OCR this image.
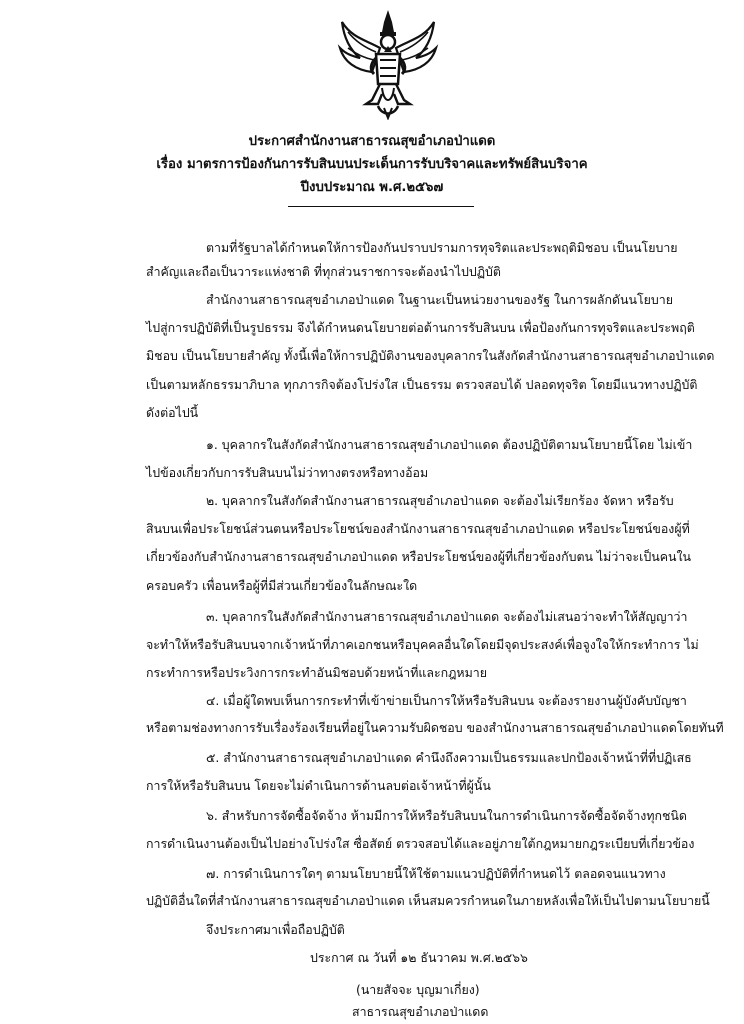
ประกาศสำนักงานสาธารณสุขอำเภอป่าแดด
เรื่อง มาตรการป้องกันการรับสินบนประเด็นการรับบริจาคและทรัพย์สินบริจาค
ปีงบประมาณ พ.ศ.๒๕๖๗

ตามที่รัฐบาลได้กำหนดให้การป้องกันปราบปรามการทุจริตและประพฤติมิชอบ เป็นนโยบาย

สำคัญและถือเป็นวาระแห่งชาติ ที่ทุกส่วนราชการจะต้องนำไปปฏิบัติ

สำนักงานสาธารณสุขอำเภอป่าแดด ในฐานะเป็นหน่วยงานของรัฐ ในการผลักดันนโยบาย

ไปสู่การปฏิบัติที่เป็นรูปธรรม จึงได้กำหนดนโยบายต่อต้านการรับสินบน เพื่อป้องกันการทุจริตและประพฤติ

มิชอบ เป็นนโยบายสำคัญ ทั้งนี้เพื่อให้การปฏิบัติงานของบุคลากรในสังกัดสำนักงานสาธารณสุขอำเภอป่าแดด

เป็นตามหลักธรรมาภิบาล ทุกภารกิจต้องโปร่งใส เป็นธรรม ตรวจสอบได้ ปลอดทุจริต โดยมีแนวทางปฏิบัติ

ดังต่อไปนี้

๑. บุคลากรในสังกัดสำนักงานสาธารณสุขอำเภอป่าแดด ต้องปฏิบัติตามนโยบายนี้โดย ไม่เข้า

ไปข้องเกี่ยวกับการรับสินบนไม่ว่าทางตรงหรือทางอ้อม

๒. บุคลากรในสังกัดสำนักงานสาธารณสุขอำเภอป่าแดด จะต้องไม่เรียกร้อง จัดหา หรือรับ

สินบนเพื่อประโยชน์ส่วนตนหรือประโยชน์ของสำนักงานสาธารณสุขอำเภอป่าแดด หรือประโยชน์ของผู้ที่

เกี่ยวข้องกับสำนักงานสาธารณสุขอำเภอป่าแดด หรือประโยชน์ของผู้ที่เกี่ยวข้องกับตน ไม่ว่าจะเป็นคนใน

ครอบครัว เพื่อนหรือผู้ที่มีส่วนเกี่ยวข้องในลักษณะใด

๓. บุคลากรในสังกัดสำนักงานสาธารณสุขอำเภอป่าแดด จะต้องไม่เสนอว่าจะทำให้สัญญาว่า

จะทำให้หรือรับสินบนจากเจ้าหน้าที่ภาคเอกชนหรือบุคคลอื่นใดโดยมีจุดประสงค์เพื่อจูงใจให้กระทำการ ไม่

กระทำการหรือประวิงการกระทำอันมิชอบด้วยหน้าที่และกฎหมาย

๔. เมื่อผู้ใดพบเห็นการกระทำที่เข้าข่ายเป็นการให้หรือรับสินบน จะต้องรายงานผู้บังคับบัญชา

หรือตามช่องทางการรับเรื่องร้องเรียนที่อยู่ในความรับผิดชอบ ของสำนักงานสาธารณสุขอำเภอป่าแดดโดยทันที

๕. สำนักงานสาธารณสุขอำเภอป่าแดด คำนึงถึงความเป็นธรรมและปกป้องเจ้าหน้าที่ที่ปฏิเสธ

การให้หรือรับสินบน โดยจะไม่ดำเนินการด้านลบต่อเจ้าหน้าที่ผู้นั้น

๖. สำหรับการจัดซื้อจัดจ้าง ห้ามมีการให้หรือรับสินบนในการดำเนินการจัดซื้อจัดจ้างทุกชนิด

การดำเนินงานต้องเป็นไปอย่างโปร่งใส ซื่อสัตย์ ตรวจสอบได้และอยู่ภายใต้กฎหมายกฎระเบียบที่เกี่ยวข้อง

๗. การดำเนินการใดๆ ตามนโยบายนี้ให้ใช้ตามแนวปฏิบัติที่กำหนดไว้ ตลอดจนแนวทาง

ปฏิบัติอื่นใดที่สำนักงานสาธารณสุขอำเภอป่าแดด เห็นสมควรกำหนดในภายหลังเพื่อให้เป็นไปตามนโยบายนี้

จึงประกาศมาเพื่อถือปฏิบัติ

ประกาศ ณ วันที่ ๑๒ ธันวาคม พ.ศ.๒๕๖๖

(นายสัจจะ บุญมาเกี่ยง)

สาธารณสุขอำเภอป่าแดด
